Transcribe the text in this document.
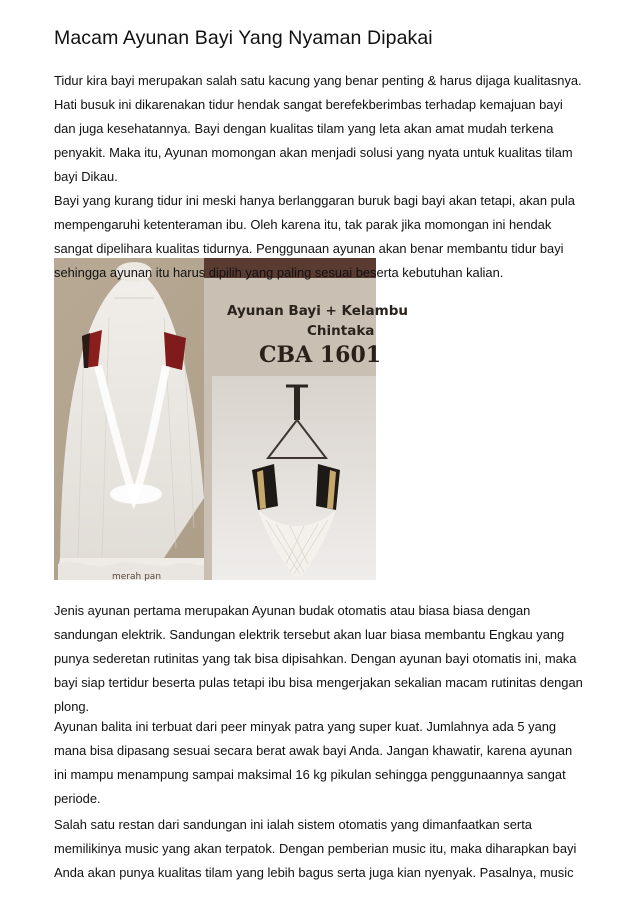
Macam Ayunan Bayi Yang Nyaman Dipakai

Tidur kira bayi merupakan salah satu kacung yang benar penting & harus dijaga kualitasnya.
Hati busuk ini dikarenakan tidur hendak sangat berefekberimbas terhadap kemajuan bayi
dan juga kesehatannya. Bayi dengan kualitas tilam yang leta akan amat mudah terkena
penyakit. Maka itu, Ayunan momongan akan menjadi solusi yang nyata untuk kualitas tilam
bayi Dikau.

Ayunan Bayi + Kelambu
Chintaka
CBA 1601
merah pan

Bayi yang kurang tidur ini meski hanya berlanggaran buruk bagi bayi akan tetapi, akan pula
mempengaruhi ketenteraman ibu. Oleh karena itu, tak parak jika momongan ini hendak
sangat dipelihara kualitas tidurnya. Penggunaan ayunan akan benar membantu tidur bayi
sehingga ayunan itu harus dipilih yang paling sesuai beserta kebutuhan kalian.

Jenis ayunan pertama merupakan Ayunan budak otomatis atau biasa biasa dengan
sandungan elektrik. Sandungan elektrik tersebut akan luar biasa membantu Engkau yang
punya sederetan rutinitas yang tak bisa dipisahkan. Dengan ayunan bayi otomatis ini, maka
bayi siap tertidur beserta pulas tetapi ibu bisa mengerjakan sekalian macam rutinitas dengan
plong.

Ayunan balita ini terbuat dari peer minyak patra yang super kuat. Jumlahnya ada 5 yang
mana bisa dipasang sesuai secara berat awak bayi Anda. Jangan khawatir, karena ayunan
ini mampu menampung sampai maksimal 16 kg pikulan sehingga penggunaannya sangat
periode.

Salah satu restan dari sandungan ini ialah sistem otomatis yang dimanfaatkan serta
memilikinya music yang akan terpatok. Dengan pemberian music itu, maka diharapkan bayi
Anda akan punya kualitas tilam yang lebih bagus serta juga kian nyenyak. Pasalnya, music
